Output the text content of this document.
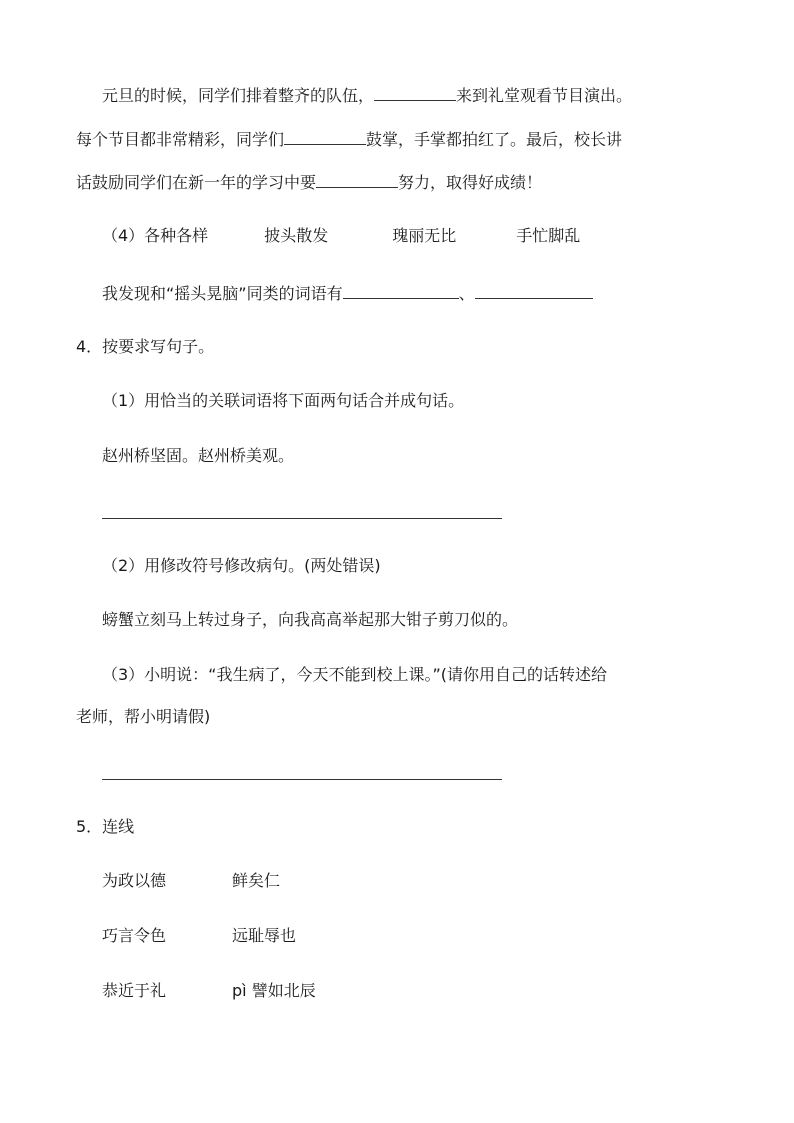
元旦的时候，同学们排着整齐的队伍，	来到礼堂观看节目演出。
每个节目都非常精彩，同学们	鼓掌，手掌都拍红了。最后，校长讲
话鼓励同学们在新一年的学习中要	努力，取得好成绩！
（4）各种各样	披头散发	瑰丽无比	手忙脚乱
我发现和“摇头晃脑”同类的词语有	、
4．按要求写句子。
（1）用恰当的关联词语将下面两句话合并成句话。
赵州桥坚固。赵州桥美观。
（2）用修改符号修改病句。(两处错误)
螃蟹立刻马上转过身子，向我高高举起那大钳子剪刀似的。
（3）小明说：“我生病了，今天不能到校上课。”(请你用自己的话转述给
老师，帮小明请假)
5．连线
为政以德	鲜矣仁
巧言令色	远耻辱也
恭近于礼	pì 譬如北辰
